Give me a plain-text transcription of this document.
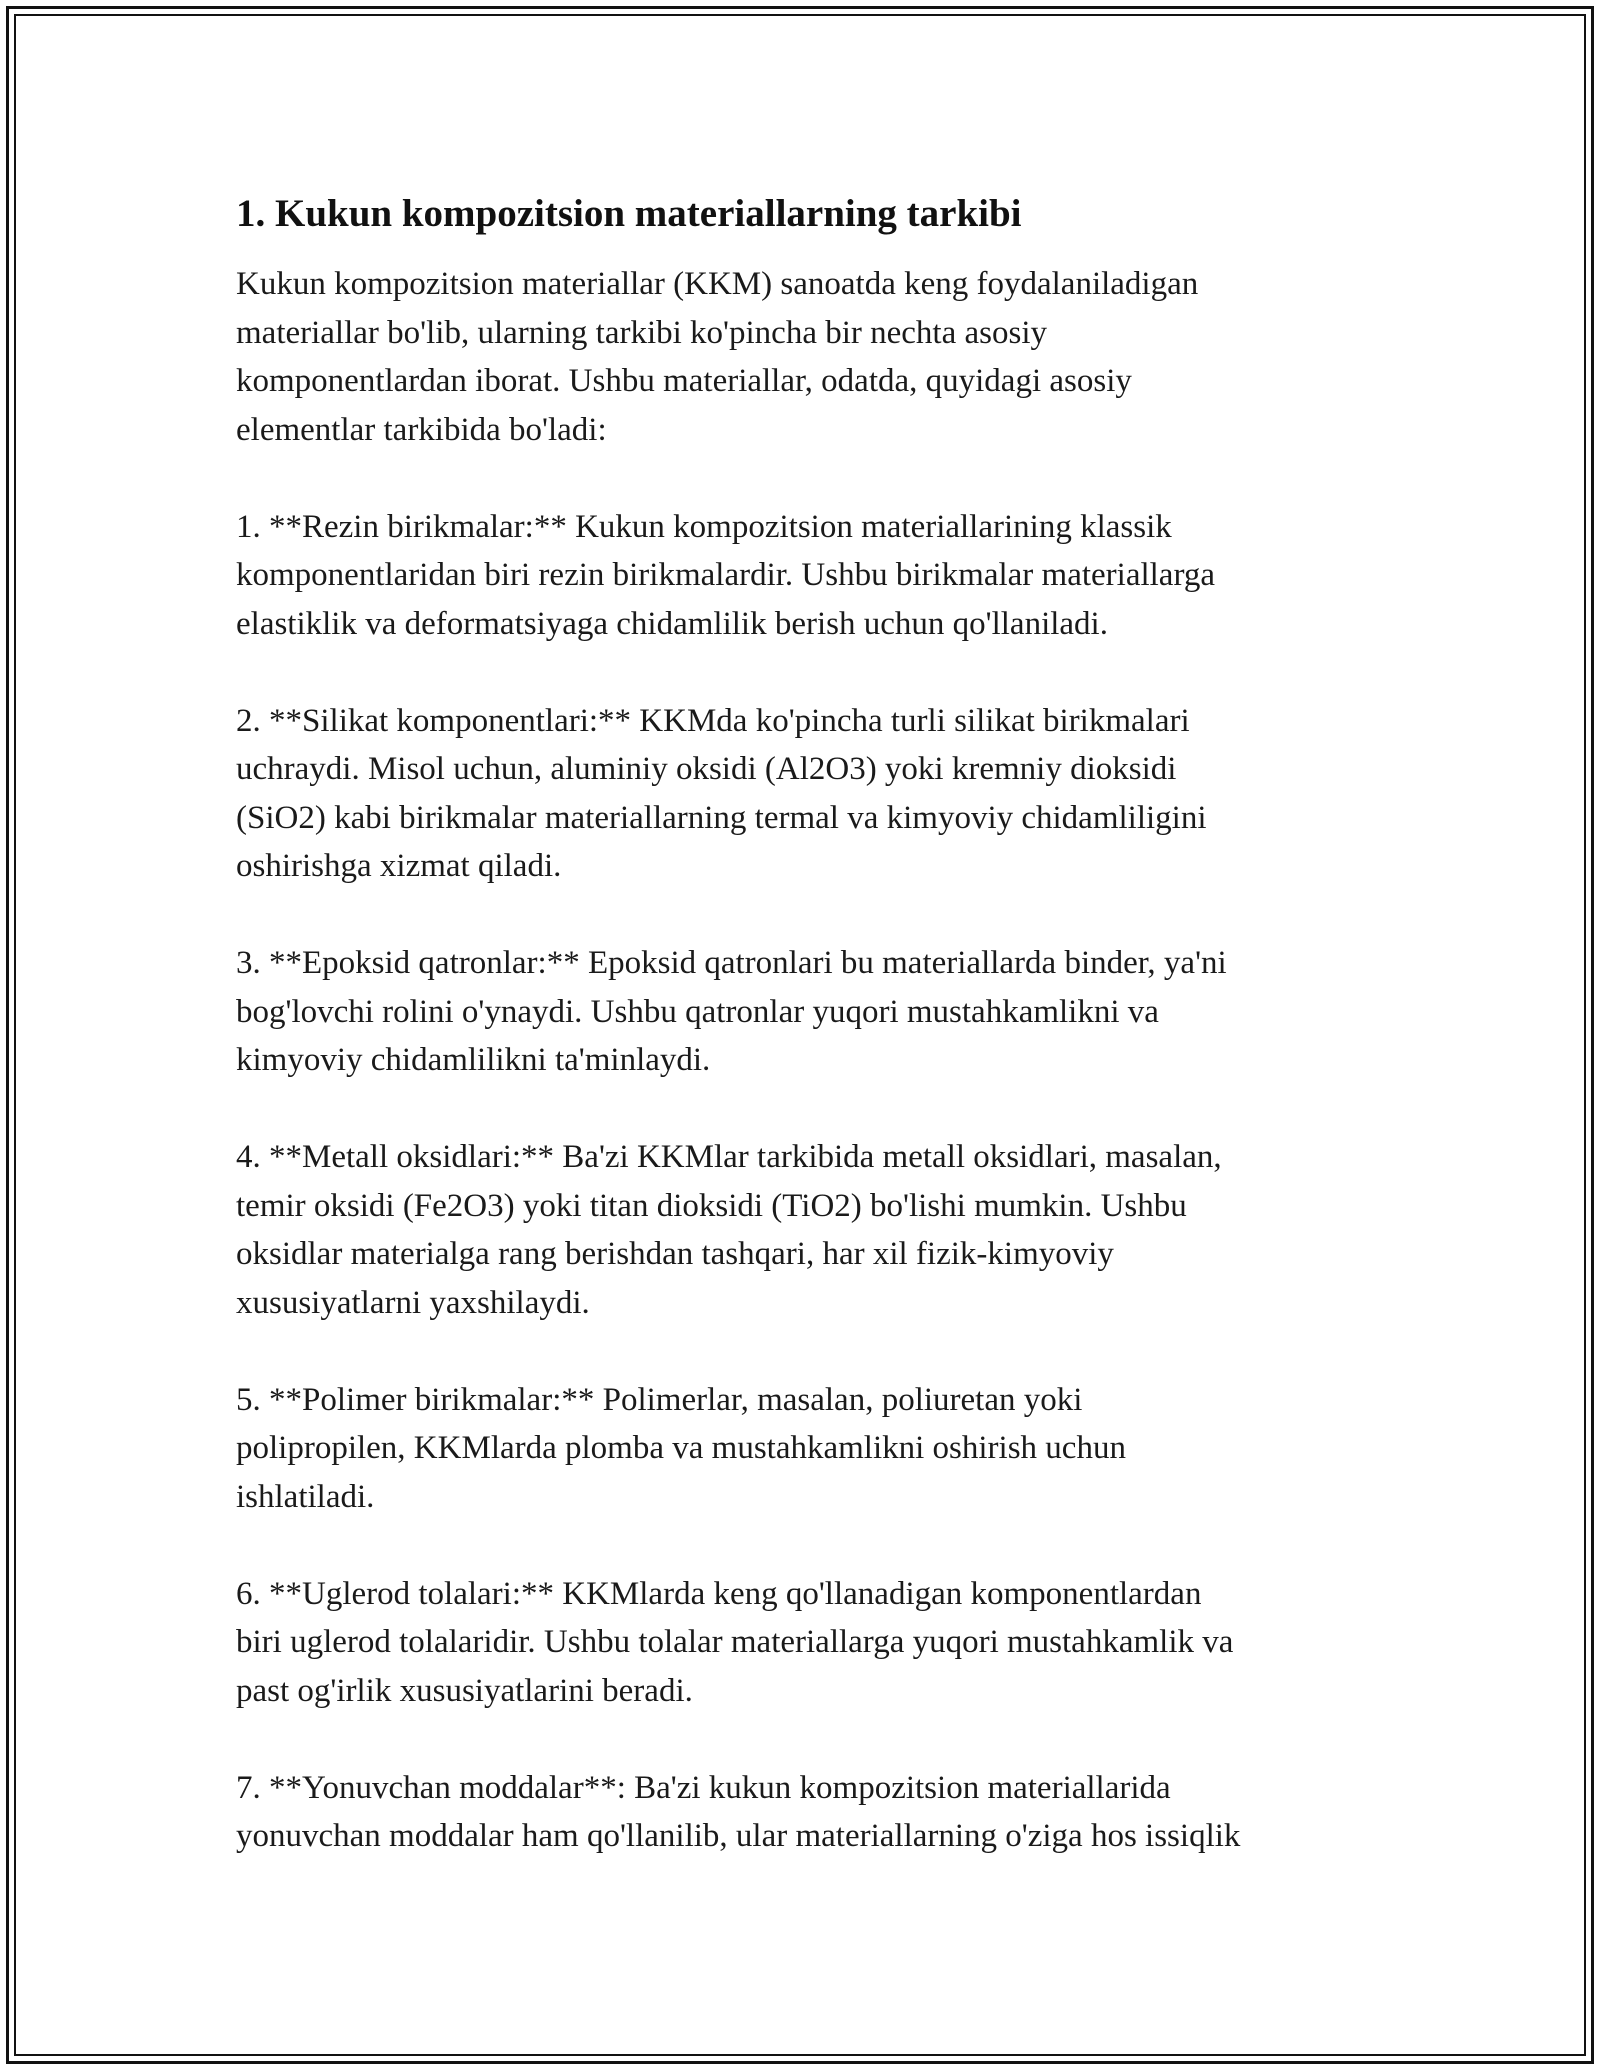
1. Kukun kompozitsion materiallarning tarkibi
Kukun kompozitsion materiallar (KKM) sanoatda keng foydalaniladigan
materiallar bo'lib, ularning tarkibi ko'pincha bir nechta asosiy
komponentlardan iborat. Ushbu materiallar, odatda, quyidagi asosiy
elementlar tarkibida bo'ladi:
1. **Rezin birikmalar:** Kukun kompozitsion materiallarining klassik
komponentlaridan biri rezin birikmalardir. Ushbu birikmalar materiallarga
elastiklik va deformatsiyaga chidamlilik berish uchun qo'llaniladi.
2. **Silikat komponentlari:** KKMda ko'pincha turli silikat birikmalari
uchraydi. Misol uchun, aluminiy oksidi (Al2O3) yoki kremniy dioksidi
(SiO2) kabi birikmalar materiallarning termal va kimyoviy chidamliligini
oshirishga xizmat qiladi.
3. **Epoksid qatronlar:** Epoksid qatronlari bu materiallarda binder, ya'ni
bog'lovchi rolini o'ynaydi. Ushbu qatronlar yuqori mustahkamlikni va
kimyoviy chidamlilikni ta'minlaydi.
4. **Metall oksidlari:** Ba'zi KKMlar tarkibida metall oksidlari, masalan,
temir oksidi (Fe2O3) yoki titan dioksidi (TiO2) bo'lishi mumkin. Ushbu
oksidlar materialga rang berishdan tashqari, har xil fizik-kimyoviy
xususiyatlarni yaxshilaydi.
5. **Polimer birikmalar:** Polimerlar, masalan, poliuretan yoki
polipropilen, KKMlarda plomba va mustahkamlikni oshirish uchun
ishlatiladi.
6. **Uglerod tolalari:** KKMlarda keng qo'llanadigan komponentlardan
biri uglerod tolalaridir. Ushbu tolalar materiallarga yuqori mustahkamlik va
past og'irlik xususiyatlarini beradi.
7. **Yonuvchan moddalar**: Ba'zi kukun kompozitsion materiallarida
yonuvchan moddalar ham qo'llanilib, ular materiallarning o'ziga hos issiqlik
